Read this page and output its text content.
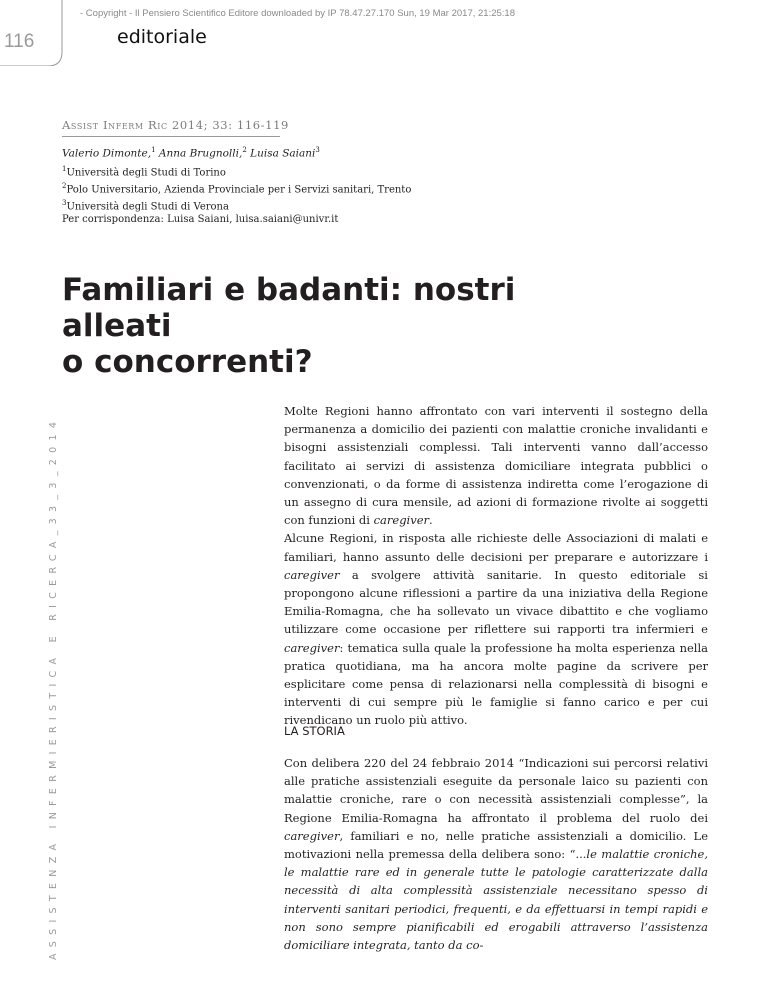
- Copyright - Il Pensiero Scientifico Editore downloaded by IP 78.47.27.170 Sun, 19 Mar 2017, 21:25:18
116	editoriale
Assist Inferm Ric 2014; 33: 116-119
Valerio Dimonte,$^1$ Anna Brugnolli,$^2$ Luisa Saiani$^3$
$^1$Università degli Studi di Torino
$^2$Polo Universitario, Azienda Provinciale per i Servizi sanitari, Trento
$^3$Università degli Studi di Verona
Per corrispondenza: Luisa Saiani, luisa.saiani@univr.it
Familiari e badanti: nostri alleati
o concorrenti?
ASSISTENZA INFERMIERISTICA E RICERCA_33_3_2014

Molte Regioni hanno affrontato con vari interventi il sostegno della permanenza a domicilio dei pazienti con malattie croniche invalidanti e bisogni assistenziali complessi. Tali interventi vanno dall’accesso facilitato ai servizi di assistenza domiciliare integrata pubblici o convenzionati, o da forme di assistenza indiretta come l’erogazione di un assegno di cura mensile, ad azioni di formazione rivolte ai soggetti con funzioni di caregiver.

Alcune Regioni, in risposta alle richieste delle Associazioni di malati e familiari, hanno assunto delle decisioni per preparare e autorizzare i caregiver a svolgere attività sanitarie. In questo editoriale si propongono alcune riflessioni a partire da una iniziativa della Regione Emilia-Romagna, che ha sollevato un vivace dibattito e che vogliamo utilizzare come occasione per riflettere sui rapporti tra infermieri e caregiver: tematica sulla quale la professione ha molta esperienza nella pratica quotidiana, ma ha ancora molte pagine da scrivere per esplicitare come pensa di relazionarsi nella complessità di bisogni e interventi di cui sempre più le famiglie si fanno carico e per cui rivendicano un ruolo più attivo.

LA STORIA

Con delibera 220 del 24 febbraio 2014 “Indicazioni sui percorsi relativi alle pratiche assistenziali eseguite da personale laico su pazienti con malattie croniche, rare o con necessità assistenziali complesse”, la Regione Emilia-Romagna ha affrontato il problema del ruolo dei caregiver, familiari e no, nelle pratiche assistenziali a domicilio. Le motivazioni nella premessa della delibera sono: “...le malattie croniche, le malattie rare ed in generale tutte le patologie caratterizzate dalla necessità di alta complessità assistenziale necessitano spesso di interventi sanitari periodici, frequenti, e da effettuarsi in tempi rapidi e non sono sempre pianificabili ed erogabili attraverso l’assistenza domiciliare integrata, tanto da co-
